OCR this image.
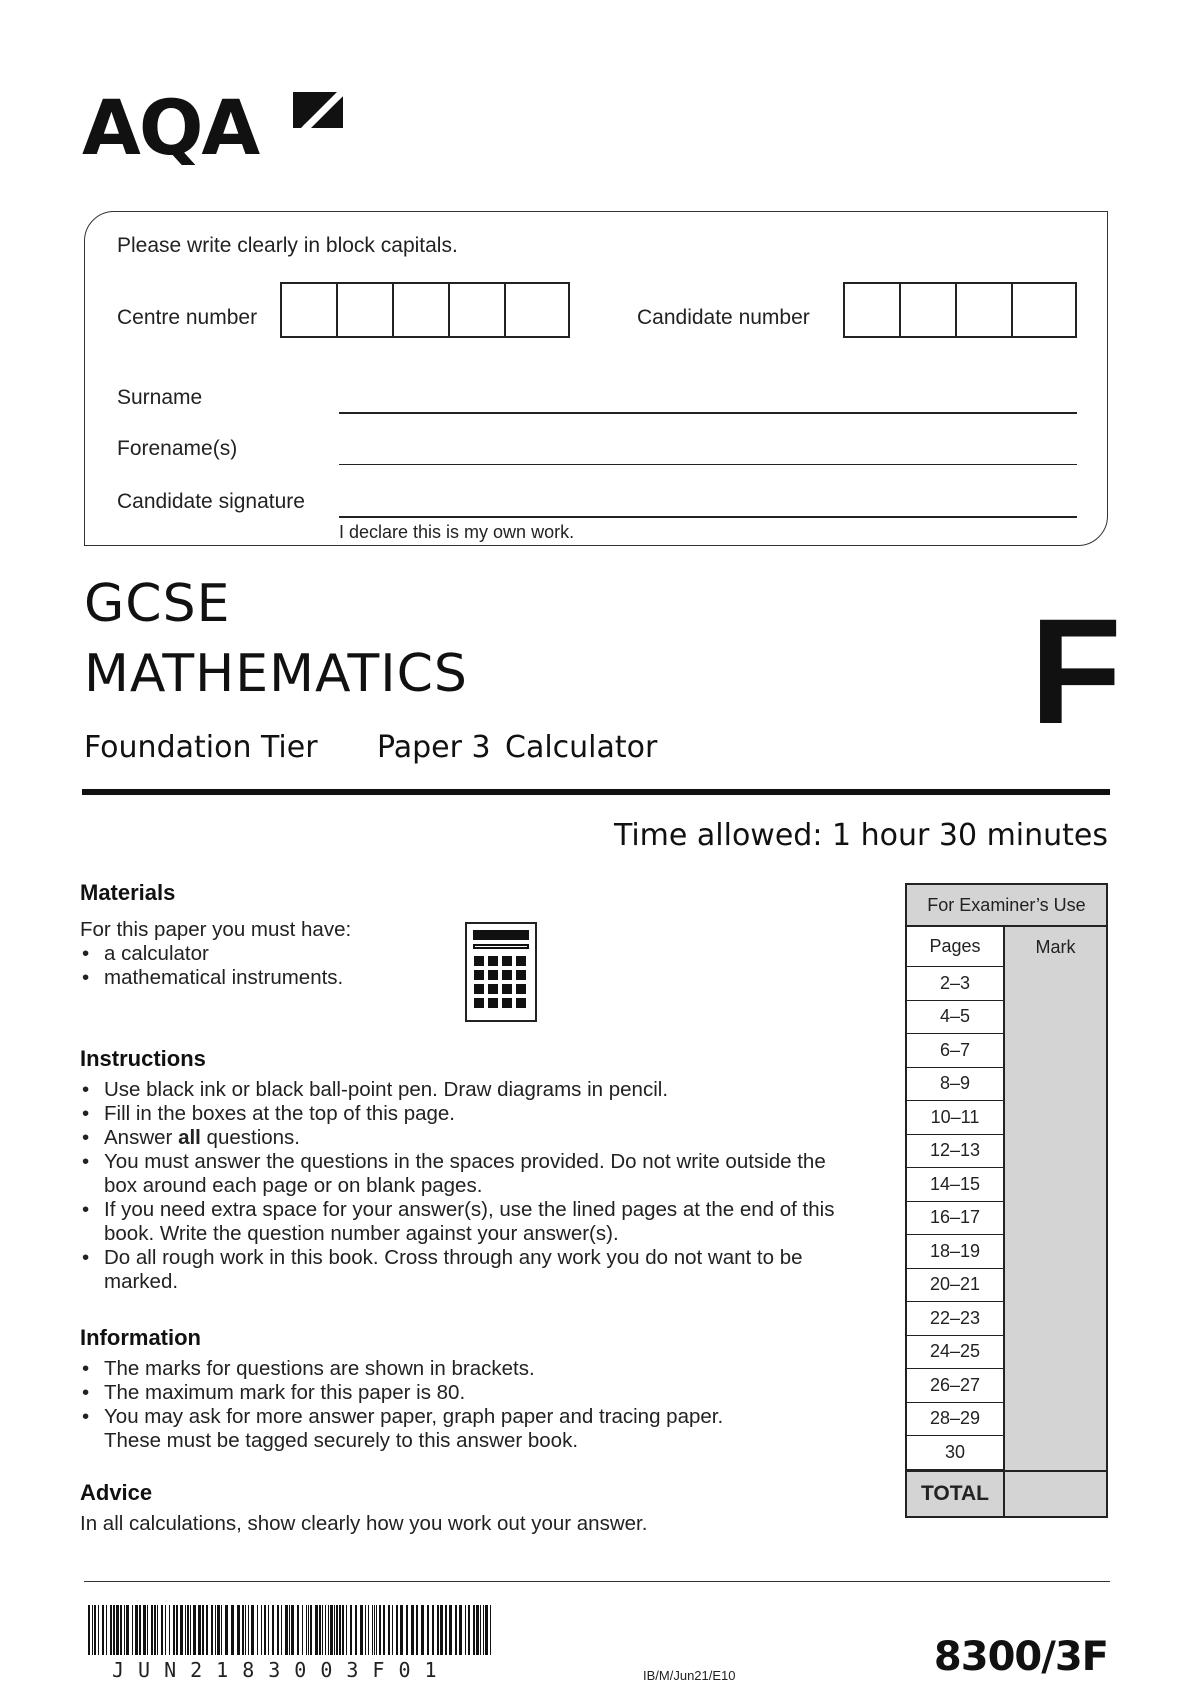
AQA
Please write clearly in block capitals.
Centre number	Candidate number
Surname
Forename(s)
Candidate signature
I declare this is my own work.
GCSE
MATHEMATICS
Foundation Tier Paper 3 Calculator F
Time allowed: 1 hour 30 minutes
Materials
For this paper you must have:
• a calculator
• mathematical instruments.
Instructions
• Use black ink or black ball-point pen. Draw diagrams in pencil.
• Fill in the boxes at the top of this page.
• Answer all questions.
• You must answer the questions in the spaces provided. Do not write outside the box around each page or on blank pages.
• If you need extra space for your answer(s), use the lined pages at the end of this book. Write the question number against your answer(s).
• Do all rough work in this book. Cross through any work you do not want to be marked.
Information
• The marks for questions are shown in brackets.
• The maximum mark for this paper is 80.
• You may ask for more answer paper, graph paper and tracing paper. These must be tagged securely to this answer book.
Advice
In all calculations, show clearly how you work out your answer.
For Examiner’s Use
Pages	Mark
2–3
4–5
6–7
8–9
10–11
12–13
14–15
16–17
18–19
20–21
22–23
24–25
26–27
28–29
30
TOTAL
JUN2183003F01	IB/M/Jun21/E10	8300/3F
